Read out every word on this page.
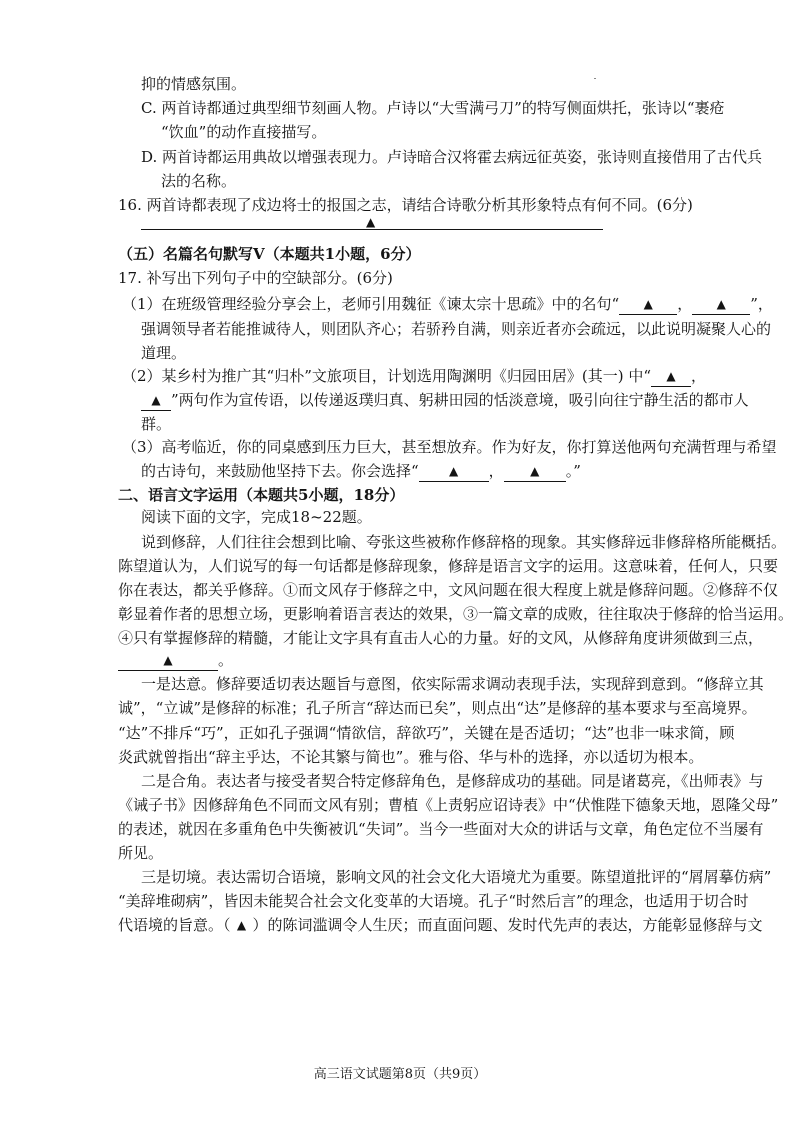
抑的情感氛围。
C. 两首诗都通过典型细节刻画人物。卢诗以“大雪满弓刀”的特写侧面烘托，张诗以“裹疮
“饮血”的动作直接描写。
D. 两首诗都运用典故以增强表现力。卢诗暗合汉将霍去病远征英姿，张诗则直接借用了古代兵
法的名称。
16. 两首诗都表现了戍边将士的报国之志，请结合诗歌分析其形象特点有何不同。(6分)
▲
（五）名篇名句默写Ⅴ（本题共1小题，6分）
17. 补写出下列句子中的空缺部分。(6分)
（1）在班级管理经验分享会上，老师引用魏征《谏太宗十思疏》中的名句“ ▲ ， ▲ ”，
强调领导者若能推诚待人，则团队齐心；若骄矜自满，则亲近者亦会疏远，以此说明凝聚人心的
道理。
（2）某乡村为推广其“归朴”文旅项目，计划选用陶渊明《归园田居》(其一) 中“ ▲ ，
▲ ”两句作为宣传语，以传递返璞归真、躬耕田园的恬淡意境，吸引向往宁静生活的都市人
群。
（3）高考临近，你的同桌感到压力巨大，甚至想放弃。作为好友，你打算送他两句充满哲理与希望
的古诗句，来鼓励他坚持下去。你会选择“	▲ ， ▲ 。”
二、语言文字运用（本题共5小题，18分）
阅读下面的文字，完成18~22题。
说到修辞，人们往往会想到比喻、夸张这些被称作修辞格的现象。其实修辞远非修辞格所能概括。
陈望道认为，人们说写的每一句话都是修辞现象，修辞是语言文字的运用。这意味着，任何人，只要
你在表达，都关乎修辞。①而文风存于修辞之中，文风问题在很大程度上就是修辞问题。②修辞不仅
彰显着作者的思想立场，更影响着语言表达的效果，③一篇文章的成败，往往取决于修辞的恰当运用。
④只有掌握修辞的精髓，才能让文字具有直击人心的力量。好的文风，从修辞角度讲须做到三点，
▲	。
一是达意。修辞要适切表达题旨与意图，依实际需求调动表现手法，实现辞到意到。“修辞立其
诚”，“立诚”是修辞的标准；孔子所言“辞达而已矣”，则点出“达”是修辞的基本要求与至高境界。
“达”不排斥“巧”，正如孔子强调“情欲信，辞欲巧”，关键在是否适切；“达”也非一味求简，顾
炎武就曾指出“辞主乎达，不论其繁与简也”。雅与俗、华与朴的选择，亦以适切为根本。
二是合角。表达者与接受者契合特定修辞角色，是修辞成功的基础。同是诸葛亮，《出师表》与
《诫子书》因修辞角色不同而文风有别；曹植《上责躬应诏诗表》中“伏惟陛下德象天地，恩隆父母”
的表述，就因在多重角色中失衡被讥“失词”。当今一些面对大众的讲话与文章，角色定位不当屡有
所见。
三是切境。表达需切合语境，影响文风的社会文化大语境尤为重要。陈望道批评的“屑屑摹仿病”
“美辞堆砌病”，皆因未能契合社会文化变革的大语境。孔子“时然后言”的理念，也适用于切合时
代语境的旨意。（ ▲ ）的陈词滥调令人生厌；而直面问题、发时代先声的表达，方能彰显修辞与文
高三语文试题第8页（共9页）
